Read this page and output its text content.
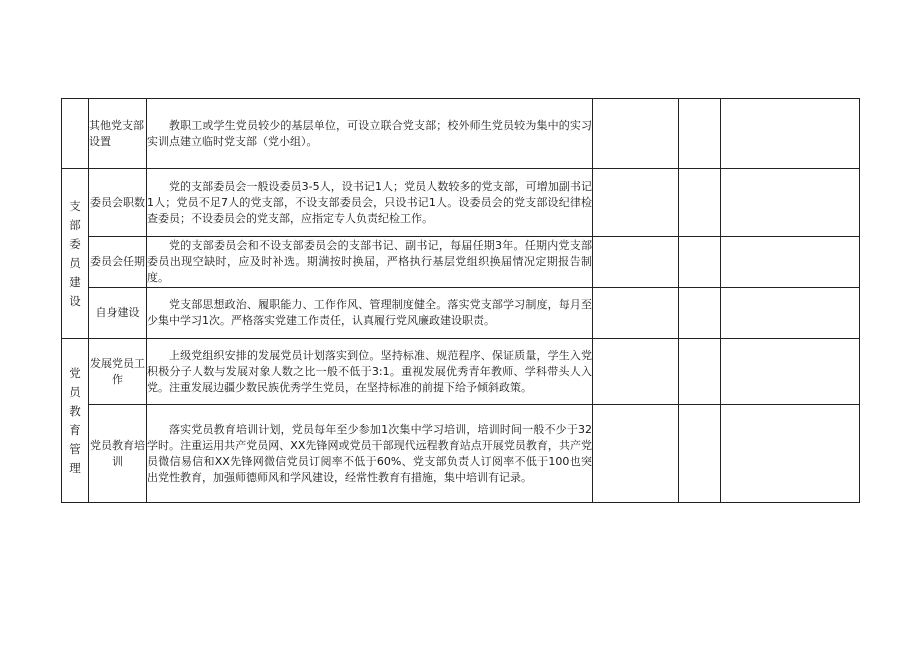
	其他党支部设置	教职工或学生党员较少的基层单位，可设立联合党支部；校外师生党员较为集中的实习实训点建立临时党支部（党小组）。			

支部委员建设	委员会职数	党的支部委员会一般设委员3-5人，设书记1人；党员人数较多的党支部，可增加副书记1人；党员不足7人的党支部，不设支部委员会，只设书记1人。设委员会的党支部设纪律检查委员；不设委员会的党支部，应指定专人负责纪检工作。			

	委员会任期	党的支部委员会和不设支部委员会的支部书记、副书记，每届任期3年。任期内党支部委员出现空缺时，应及时补选。期满按时换届，严格执行基层党组织换届情况定期报告制度。			

	自身建设	党支部思想政治、履职能力、工作作风、管理制度健全。落实党支部学习制度，每月至少集中学习1次。严格落实党建工作责任，认真履行党风廉政建设职责。			

党员教育管理	发展党员工作	上级党组织安排的发展党员计划落实到位。坚持标准、规范程序、保证质量，学生入党积极分子人数与发展对象人数之比一般不低于3:1。重视发展优秀青年教师、学科带头人入党。注重发展边疆少数民族优秀学生党员，在坚持标准的前提下给予倾斜政策。			

	党员教育培训	落实党员教育培训计划，党员每年至少参加1次集中学习培训，培训时间一般不少于32学时。注重运用共产党员网、XX先锋网或党员干部现代远程教育站点开展党员教育，共产党员微信易信和XX先锋网微信党员订阅率不低于60%、党支部负责人订阅率不低于100也突出党性教育，加强师德师风和学风建设，经常性教育有措施，集中培训有记录。			
